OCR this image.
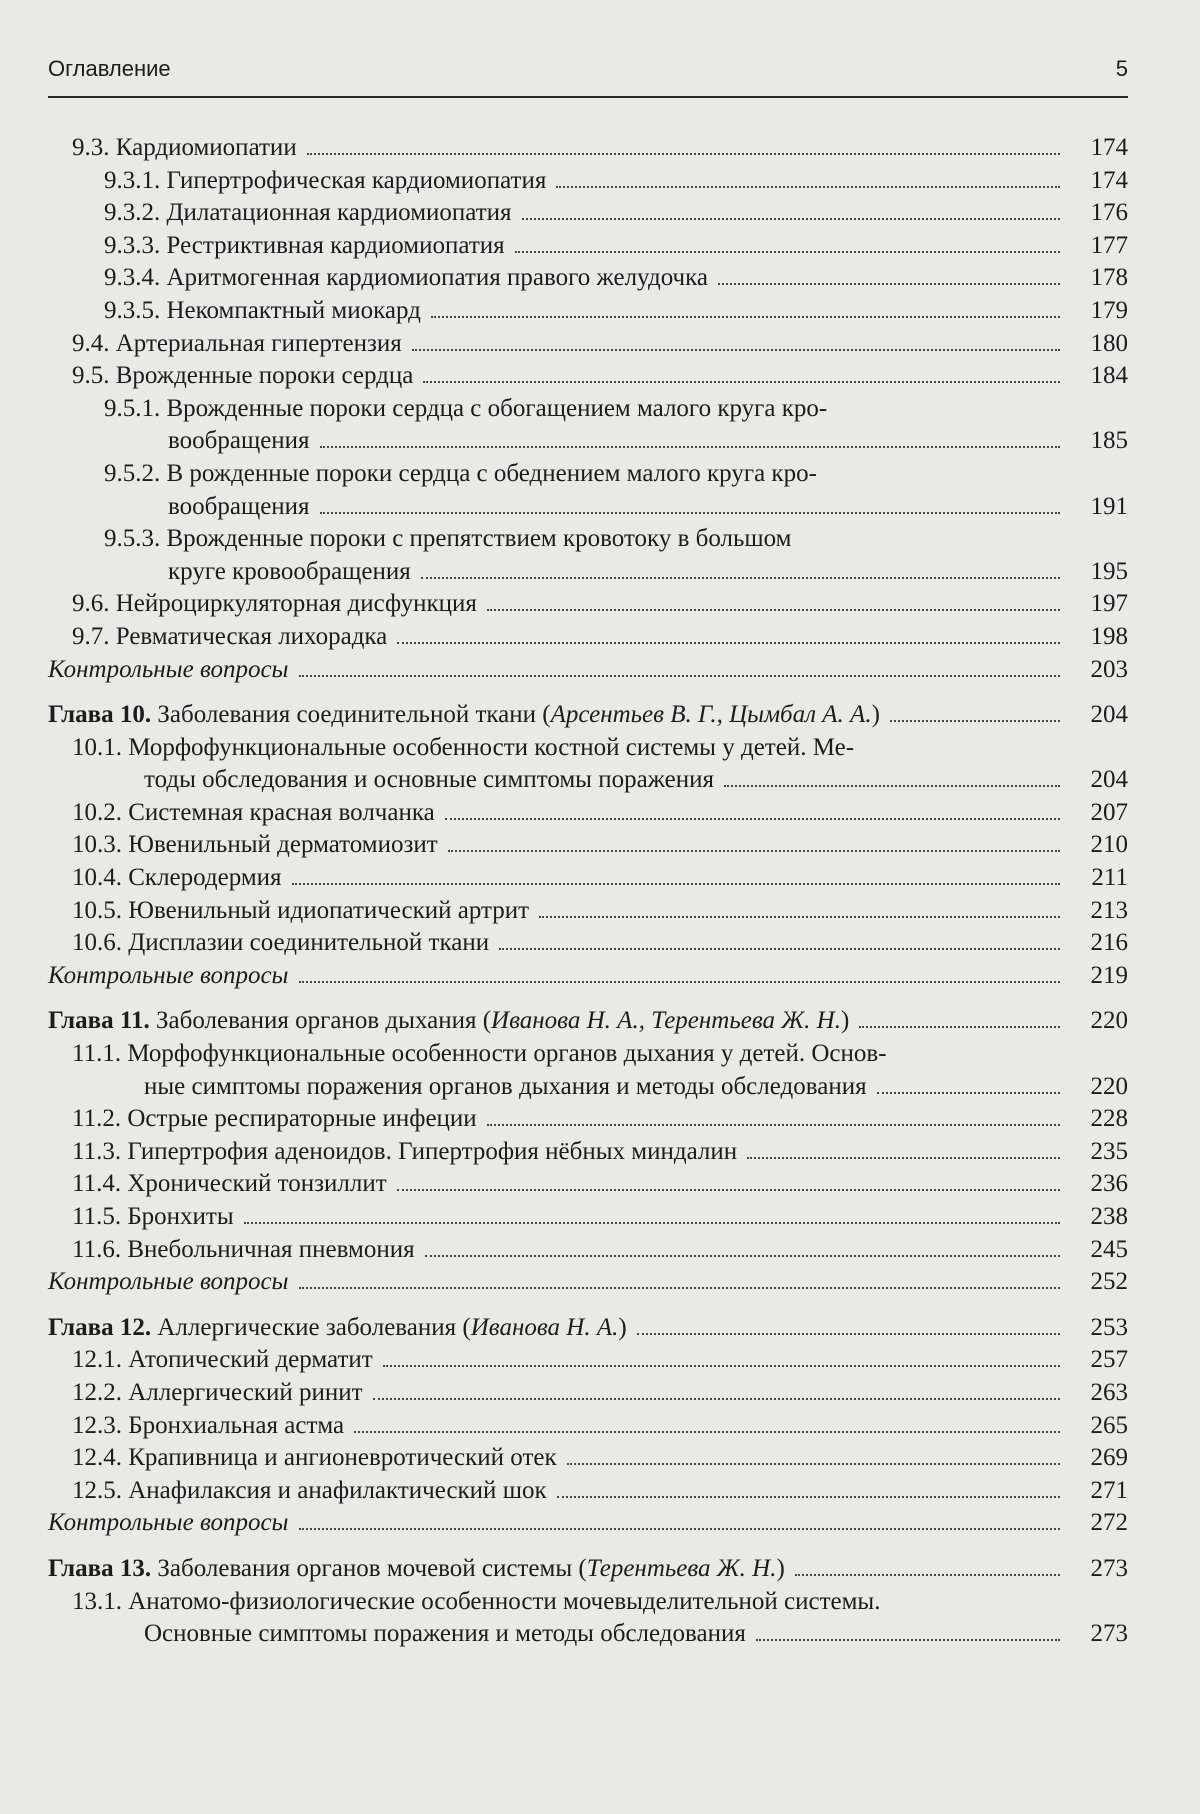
Оглавление	5
9.3. Кардиомиопатии	174
9.3.1. Гипертрофическая кардиомиопатия	174
9.3.2. Дилатационная кардиомиопатия	176
9.3.3. Рестриктивная кардиомиопатия	177
9.3.4. Аритмогенная кардиомиопатия правого желудочка	178
9.3.5. Некомпактный миокард	179
9.4. Артериальная гипертензия	180
9.5. Врожденные пороки сердца	184
9.5.1. Врожденные пороки сердца с обогащением малого круга кро-
вообращения	185
9.5.2. В рожденные пороки сердца с обеднением малого круга кро-
вообращения	191
9.5.3. Врожденные пороки с препятствием кровотоку в большом
круге кровообращения	195
9.6. Нейроциркуляторная дисфункция	197
9.7. Ревматическая лихорадка	198
Контрольные вопросы	203
Глава 10. Заболевания соединительной ткани (Арсентьев В. Г., Цымбал А. А.)	204
10.1. Морфофункциональные особенности костной системы у детей. Ме-
тоды обследования и основные симптомы поражения	204
10.2. Системная красная волчанка	207
10.3. Ювенильный дерматомиозит	210
10.4. Склеродермия	211
10.5. Ювенильный идиопатический артрит	213
10.6. Дисплазии соединительной ткани	216
Контрольные вопросы	219
Глава 11. Заболевания органов дыхания (Иванова Н. А., Терентьева Ж. Н.)	220
11.1. Морфофункциональные особенности органов дыхания у детей. Основ-
ные симптомы поражения органов дыхания и методы обследования	220
11.2. Острые респираторные инфеции	228
11.3. Гипертрофия аденоидов. Гипертрофия нёбных миндалин	235
11.4. Хронический тонзиллит	236
11.5. Бронхиты	238
11.6. Внебольничная пневмония	245
Контрольные вопросы	252
Глава 12. Аллергические заболевания (Иванова Н. А.)	253
12.1. Атопический дерматит	257
12.2. Аллергический ринит	263
12.3. Бронхиальная астма	265
12.4. Крапивница и ангионевротический отек	269
12.5. Анафилаксия и анафилактический шок	271
Контрольные вопросы	272
Глава 13. Заболевания органов мочевой системы (Терентьева Ж. Н.)	273
13.1. Анатомо-физиологические особенности мочевыделительной системы.
Основные симптомы поражения и методы обследования	273
